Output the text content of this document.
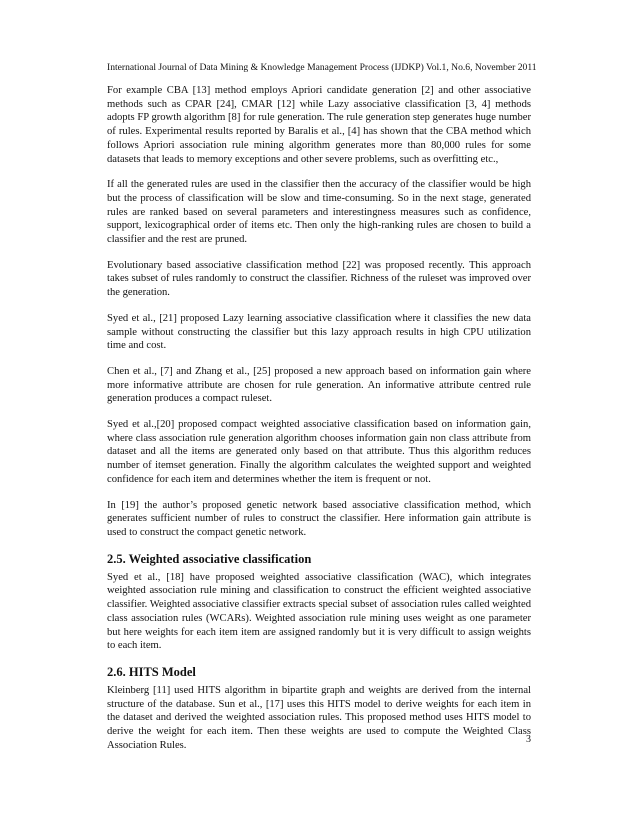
International Journal of Data Mining & Knowledge Management Process (IJDKP) Vol.1, No.6, November 2011

For example CBA [13] method employs Apriori candidate generation [2] and other associative methods such as CPAR [24], CMAR [12] while Lazy associative classification [3, 4] methods adopts FP growth algorithm [8] for rule generation. The rule generation step generates huge number of rules. Experimental results reported by Baralis et al., [4] has shown that the CBA method which follows Apriori association rule mining algorithm generates more than 80,000 rules for some datasets that leads to memory exceptions and other severe problems, such as overfitting etc.,

If all the generated rules are used in the classifier then the accuracy of the classifier would be high but the process of classification will be slow and time-consuming. So in the next stage, generated rules are ranked based on several parameters and interestingness measures such as confidence, support, lexicographical order of items etc. Then only the high-ranking rules are chosen to build a classifier and the rest are pruned.

Evolutionary based associative classification method [22] was proposed recently. This approach takes subset of rules randomly to construct the classifier. Richness of the ruleset was improved over the generation.

Syed et al., [21] proposed Lazy learning associative classification where it classifies the new data sample without constructing the classifier but this lazy approach results in high CPU utilization time and cost.

Chen et al., [7] and Zhang et al., [25] proposed a new approach based on information gain where more informative attribute are chosen for rule generation. An informative attribute centred rule generation produces a compact ruleset.

Syed et al.,[20] proposed compact weighted associative classification based on information gain, where class association rule generation algorithm chooses information gain non class attribute from dataset and all the items are generated only based on that attribute. Thus this algorithm reduces number of itemset generation. Finally the algorithm calculates the weighted support and weighted confidence for each item and determines whether the item is frequent or not.

In [19] the author’s proposed genetic network based associative classification method, which generates sufficient number of rules to construct the classifier. Here information gain attribute is used to construct the compact genetic network.

2.5. Weighted associative classification

Syed et al., [18] have proposed weighted associative classification (WAC), which integrates weighted association rule mining and classification to construct the efficient weighted associative classifier. Weighted associative classifier extracts special subset of association rules called weighted class association rules (WCARs). Weighted association rule mining uses weight as one parameter but here weights for each item item are assigned randomly but it is very difficult to assign weights to each item.

2.6. HITS Model

Kleinberg [11] used HITS algorithm in bipartite graph and weights are derived from the internal structure of the database. Sun et al., [17] uses this HITS model to derive weights for each item in the dataset and derived the weighted association rules. This proposed method uses HITS model to derive the weight for each item. Then these weights are used to compute the Weighted Class Association Rules.

3
